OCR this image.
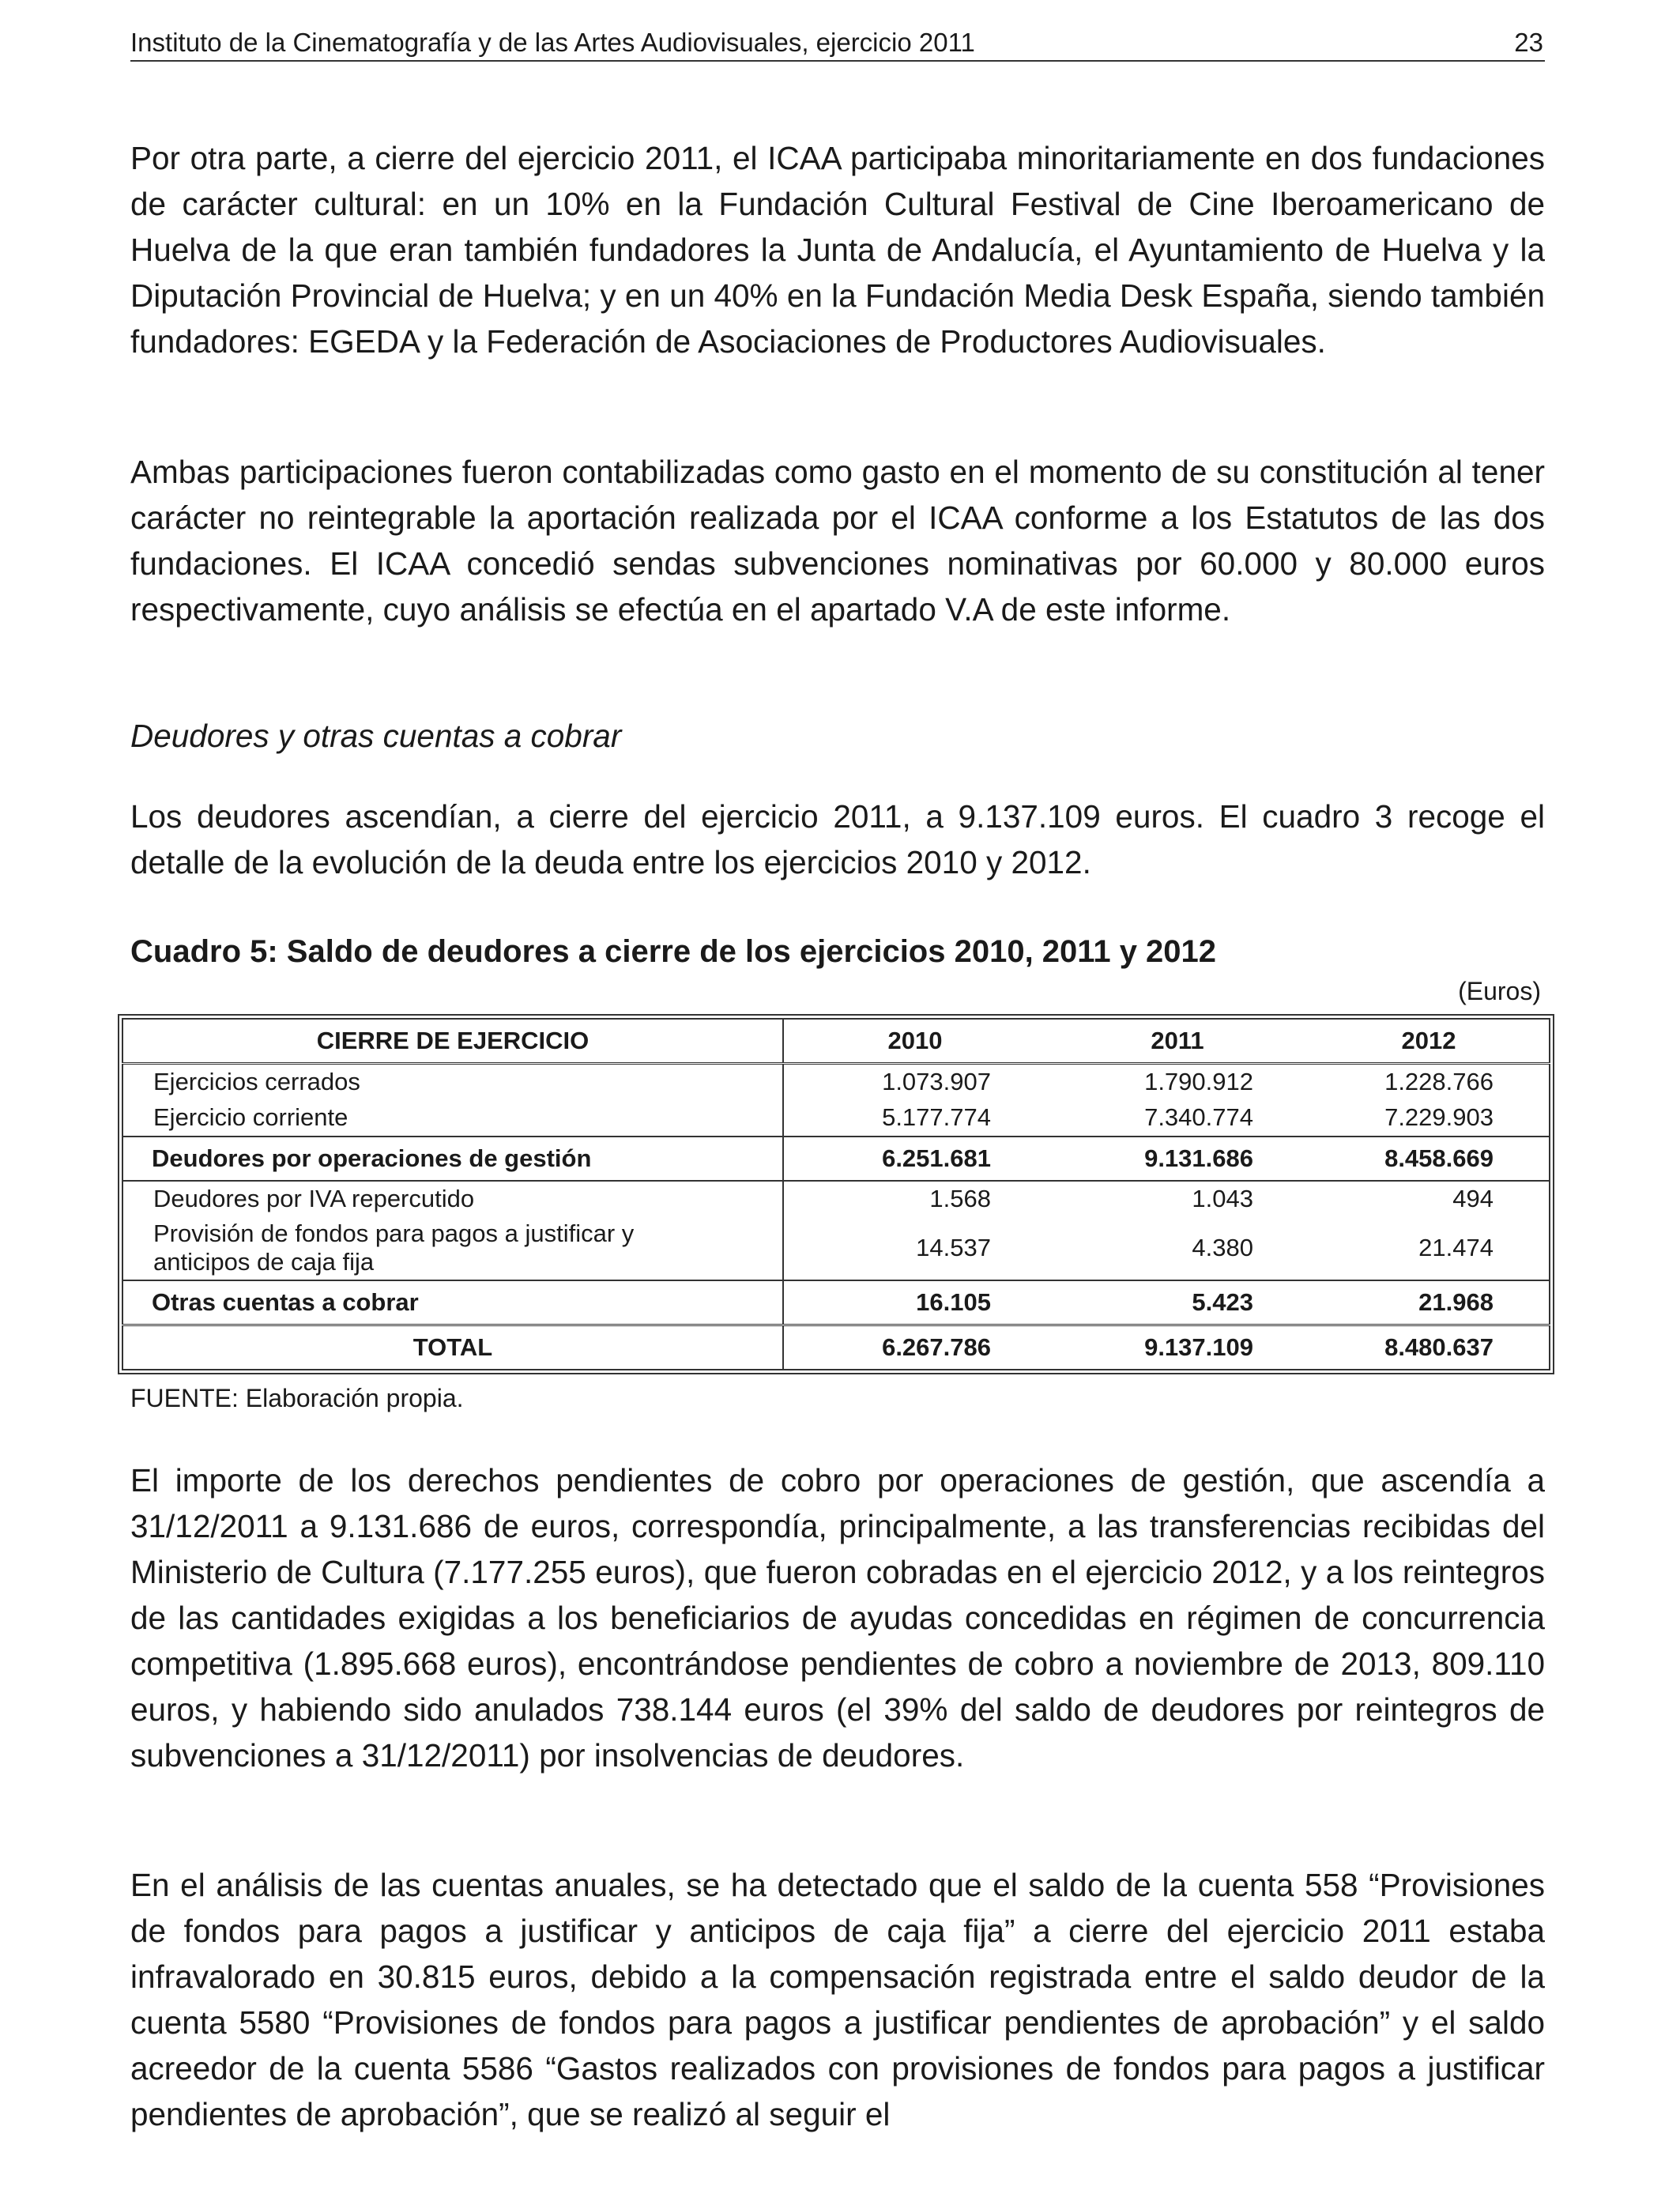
Instituto de la Cinematografía y de las Artes Audiovisuales, ejercicio 2011	23

Por otra parte, a cierre del ejercicio 2011, el ICAA participaba minoritariamente en dos fundaciones de carácter cultural: en un 10% en la Fundación Cultural Festival de Cine Iberoamericano de Huelva de la que eran también fundadores la Junta de Andalucía, el Ayuntamiento de Huelva y la Diputación Provincial de Huelva; y en un 40% en la Fundación Media Desk España, siendo también fundadores: EGEDA y la Federación de Asociaciones de Productores Audiovisuales.

Ambas participaciones fueron contabilizadas como gasto en el momento de su constitución al tener carácter no reintegrable la aportación realizada por el ICAA conforme a los Estatutos de las dos fundaciones. El ICAA concedió sendas subvenciones nominativas por 60.000 y 80.000 euros respectivamente, cuyo análisis se efectúa en el apartado V.A de este informe.

Deudores y otras cuentas a cobrar

Los deudores ascendían, a cierre del ejercicio 2011, a 9.137.109 euros. El cuadro 3 recoge el detalle de la evolución de la deuda entre los ejercicios 2010 y 2012.

Cuadro 5: Saldo de deudores a cierre de los ejercicios 2010, 2011 y 2012

(Euros)
CIERRE DE EJERCICIO	2010	2011	2012
Ejercicios cerrados	1.073.907	1.790.912	1.228.766
Ejercicio corriente	5.177.774	7.340.774	7.229.903
Deudores por operaciones de gestión	6.251.681	9.131.686	8.458.669
Deudores por IVA repercutido	1.568	1.043	494

Provisión de fondos para pagos a justificar y anticipos de caja fija	14.537	4.380	21.474
Otras cuentas a cobrar	16.105	5.423	21.968
TOTAL	6.267.786	9.137.109	8.480.637
FUENTE: Elaboración propia.

El importe de los derechos pendientes de cobro por operaciones de gestión, que ascendía a 31/12/2011 a 9.131.686 de euros, correspondía, principalmente, a las transferencias recibidas del Ministerio de Cultura (7.177.255 euros), que fueron cobradas en el ejercicio 2012, y a los reintegros de las cantidades exigidas a los beneficiarios de ayudas concedidas en régimen de concurrencia competitiva (1.895.668 euros), encontrándose pendientes de cobro a noviembre de 2013, 809.110 euros, y habiendo sido anulados 738.144 euros (el 39% del saldo de deudores por reintegros de subvenciones a 31/12/2011) por insolvencias de deudores.

En el análisis de las cuentas anuales, se ha detectado que el saldo de la cuenta 558 “Provisiones de fondos para pagos a justificar y anticipos de caja fija” a cierre del ejercicio 2011 estaba infravalorado en 30.815 euros, debido a la compensación registrada entre el saldo deudor de la cuenta 5580 “Provisiones de fondos para pagos a justificar pendientes de aprobación” y el saldo acreedor de la cuenta 5586 “Gastos realizados con provisiones de fondos para pagos a justificar pendientes de aprobación”, que se realizó al seguir el
